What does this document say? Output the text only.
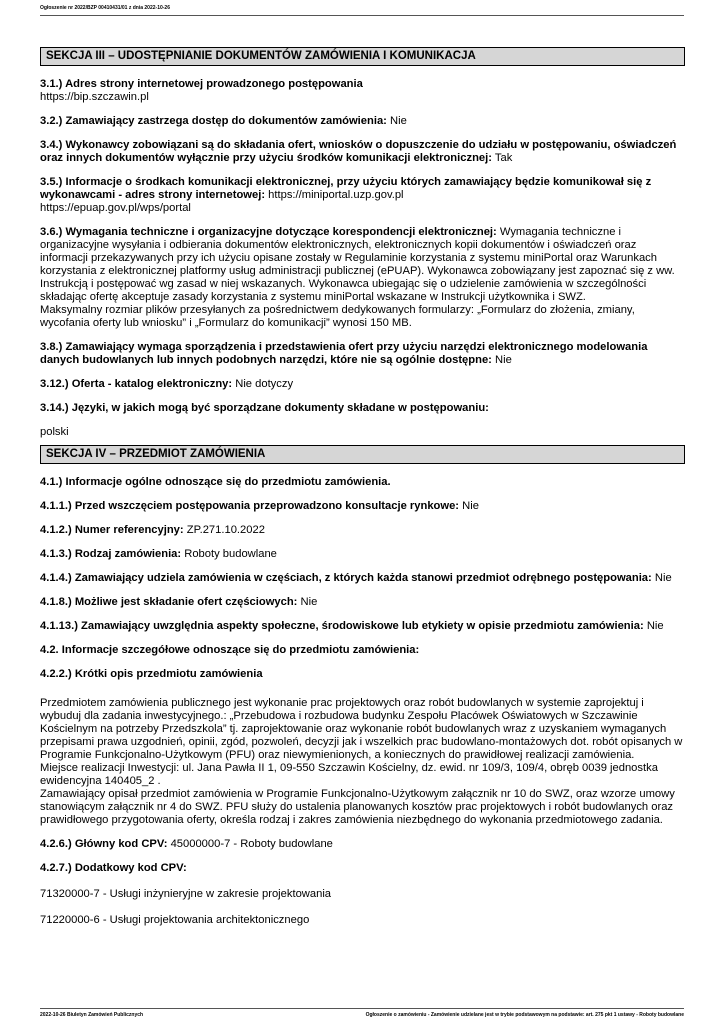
Ogłoszenie nr 2022/BZP 00410431/01 z dnia 2022-10-26
SEKCJA III – UDOSTĘPNIANIE DOKUMENTÓW ZAMÓWIENIA I KOMUNIKACJA
3.1.) Adres strony internetowej prowadzonego postępowania
https://bip.szczawin.pl
3.2.) Zamawiający zastrzega dostęp do dokumentów zamówienia: Nie
3.4.) Wykonawcy zobowiązani są do składania ofert, wniosków o dopuszczenie do udziału w postępowaniu, oświadczeń oraz innych dokumentów wyłącznie przy użyciu środków komunikacji elektronicznej: Tak
3.5.) Informacje o środkach komunikacji elektronicznej, przy użyciu których zamawiający będzie komunikował się z wykonawcami - adres strony internetowej: https://miniportal.uzp.gov.pl
https://epuap.gov.pl/wps/portal
3.6.) Wymagania techniczne i organizacyjne dotyczące korespondencji elektronicznej: Wymagania techniczne i organizacyjne wysyłania i odbierania dokumentów elektronicznych, elektronicznych kopii dokumentów i oświadczeń oraz informacji przekazywanych przy ich użyciu opisane zostały w Regulaminie korzystania z systemu miniPortal oraz Warunkach korzystania z elektronicznej platformy usług administracji publicznej (ePUAP). Wykonawca zobowiązany jest zapoznać się z ww. Instrukcją i postępować wg zasad w niej wskazanych. Wykonawca ubiegając się o udzielenie zamówienia w szczególności składając ofertę akceptuje zasady korzystania z systemu miniPortal wskazane w Instrukcji użytkownika i SWZ.
Maksymalny rozmiar plików przesyłanych za pośrednictwem dedykowanych formularzy: „Formularz do złożenia, zmiany, wycofania oferty lub wniosku” i „Formularz do komunikacji” wynosi 150 MB.
3.8.) Zamawiający wymaga sporządzenia i przedstawienia ofert przy użyciu narzędzi elektronicznego modelowania danych budowlanych lub innych podobnych narzędzi, które nie są ogólnie dostępne: Nie
3.12.) Oferta - katalog elektroniczny: Nie dotyczy
3.14.) Języki, w jakich mogą być sporządzane dokumenty składane w postępowaniu:
polski
SEKCJA IV – PRZEDMIOT ZAMÓWIENIA
4.1.) Informacje ogólne odnoszące się do przedmiotu zamówienia.
4.1.1.) Przed wszczęciem postępowania przeprowadzono konsultacje rynkowe: Nie
4.1.2.) Numer referencyjny: ZP.271.10.2022
4.1.3.) Rodzaj zamówienia: Roboty budowlane
4.1.4.) Zamawiający udziela zamówienia w częściach, z których każda stanowi przedmiot odrębnego postępowania: Nie
4.1.8.) Możliwe jest składanie ofert częściowych: Nie
4.1.13.) Zamawiający uwzględnia aspekty społeczne, środowiskowe lub etykiety w opisie przedmiotu zamówienia: Nie
4.2. Informacje szczegółowe odnoszące się do przedmiotu zamówienia:
4.2.2.) Krótki opis przedmiotu zamówienia
Przedmiotem zamówienia publicznego jest wykonanie prac projektowych oraz robót budowlanych w systemie zaprojektuj i wybuduj dla zadania inwestycyjnego.: „Przebudowa i rozbudowa budynku Zespołu Placówek Oświatowych w Szczawinie Kościelnym na potrzeby Przedszkola” tj. zaprojektowanie oraz wykonanie robót budowlanych wraz z uzyskaniem wymaganych przepisami prawa uzgodnień, opinii, zgód, pozwoleń, decyzji jak i wszelkich prac budowlano-montażowych dot. robót opisanych w Programie Funkcjonalno-Użytkowym (PFU) oraz niewymienionych, a koniecznych do prawidłowej realizacji zamówienia.
Miejsce realizacji Inwestycji: ul. Jana Pawła II 1, 09-550 Szczawin Kościelny, dz. ewid. nr 109/3, 109/4, obręb 0039 jednostka ewidencyjna 140405_2 .
Zamawiający opisał przedmiot zamówienia w Programie Funkcjonalno-Użytkowym załącznik nr 10 do SWZ, oraz wzorze umowy stanowiącym załącznik nr 4 do SWZ. PFU służy do ustalenia planowanych kosztów prac projektowych i robót budowlanych oraz prawidłowego przygotowania oferty, określa rodzaj i zakres zamówienia niezbędnego do wykonania przedmiotowego zadania.
4.2.6.) Główny kod CPV: 45000000-7 - Roboty budowlane
4.2.7.) Dodatkowy kod CPV:
71320000-7 - Usługi inżynieryjne w zakresie projektowania
71220000-6 - Usługi projektowania architektonicznego
2022-10-26 Biuletyn Zamówień Publicznych	Ogłoszenie o zamówieniu - Zamówienie udzielane jest w trybie podstawowym na podstawie: art. 275 pkt 1 ustawy - Roboty budowlane
